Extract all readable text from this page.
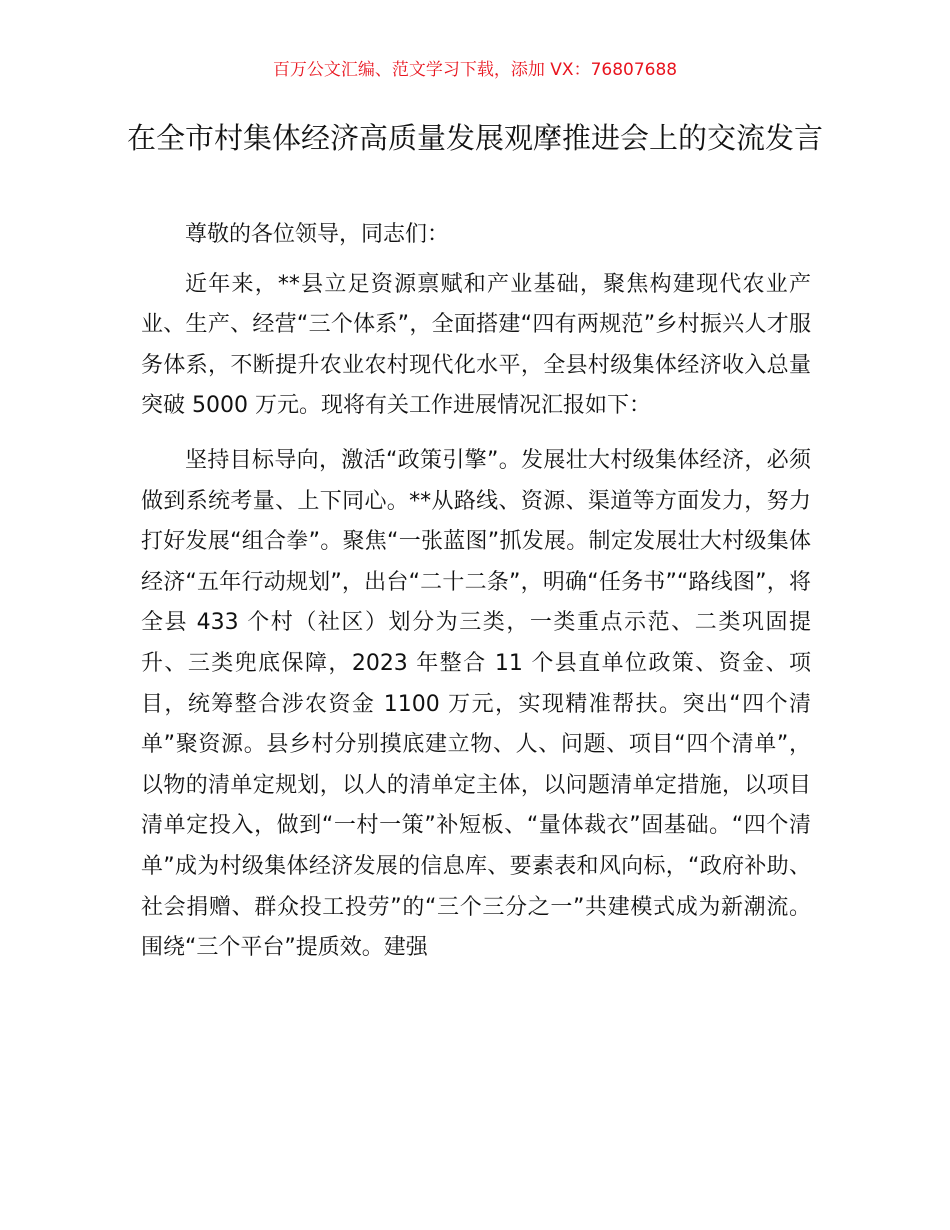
百万公文汇编、范文学习下载，添加 VX：76807688
在全市村集体经济高质量发展观摩推进会上的交流发言

尊敬的各位领导，同志们：

近年来，**县立足资源禀赋和产业基础，聚焦构建现代农业产业、生产、经营“三个体系”，全面搭建“四有两规范”乡村振兴人才服务体系，不断提升农业农村现代化水平，全县村级集体经济收入总量突破 5000 万元。现将有关工作进展情况汇报如下：

坚持目标导向，激活“政策引擎”。发展壮大村级集体经济，必须做到系统考量、上下同心。**从路线、资源、渠道等方面发力，努力打好发展“组合拳”。聚焦“一张蓝图”抓发展。制定发展壮大村级集体经济“五年行动规划”，出台“二十二条”，明确“任务书”“路线图”，将全县 433 个村（社区）划分为三类，一类重点示范、二类巩固提升、三类兜底保障，2023 年整合 11 个县直单位政策、资金、项目，统筹整合涉农资金 1100 万元，实现精准帮扶。突出“四个清单”聚资源。县乡村分别摸底建立物、人、问题、项目“四个清单”，以物的清单定规划，以人的清单定主体，以问题清单定措施，以项目清单定投入，做到“一村一策”补短板、“量体裁衣”固基础。“四个清单”成为村级集体经济发展的信息库、要素表和风向标，“政府补助、社会捐赠、群众投工投劳”的“三个三分之一”共建模式成为新潮流。围绕“三个平台”提质效。建强
